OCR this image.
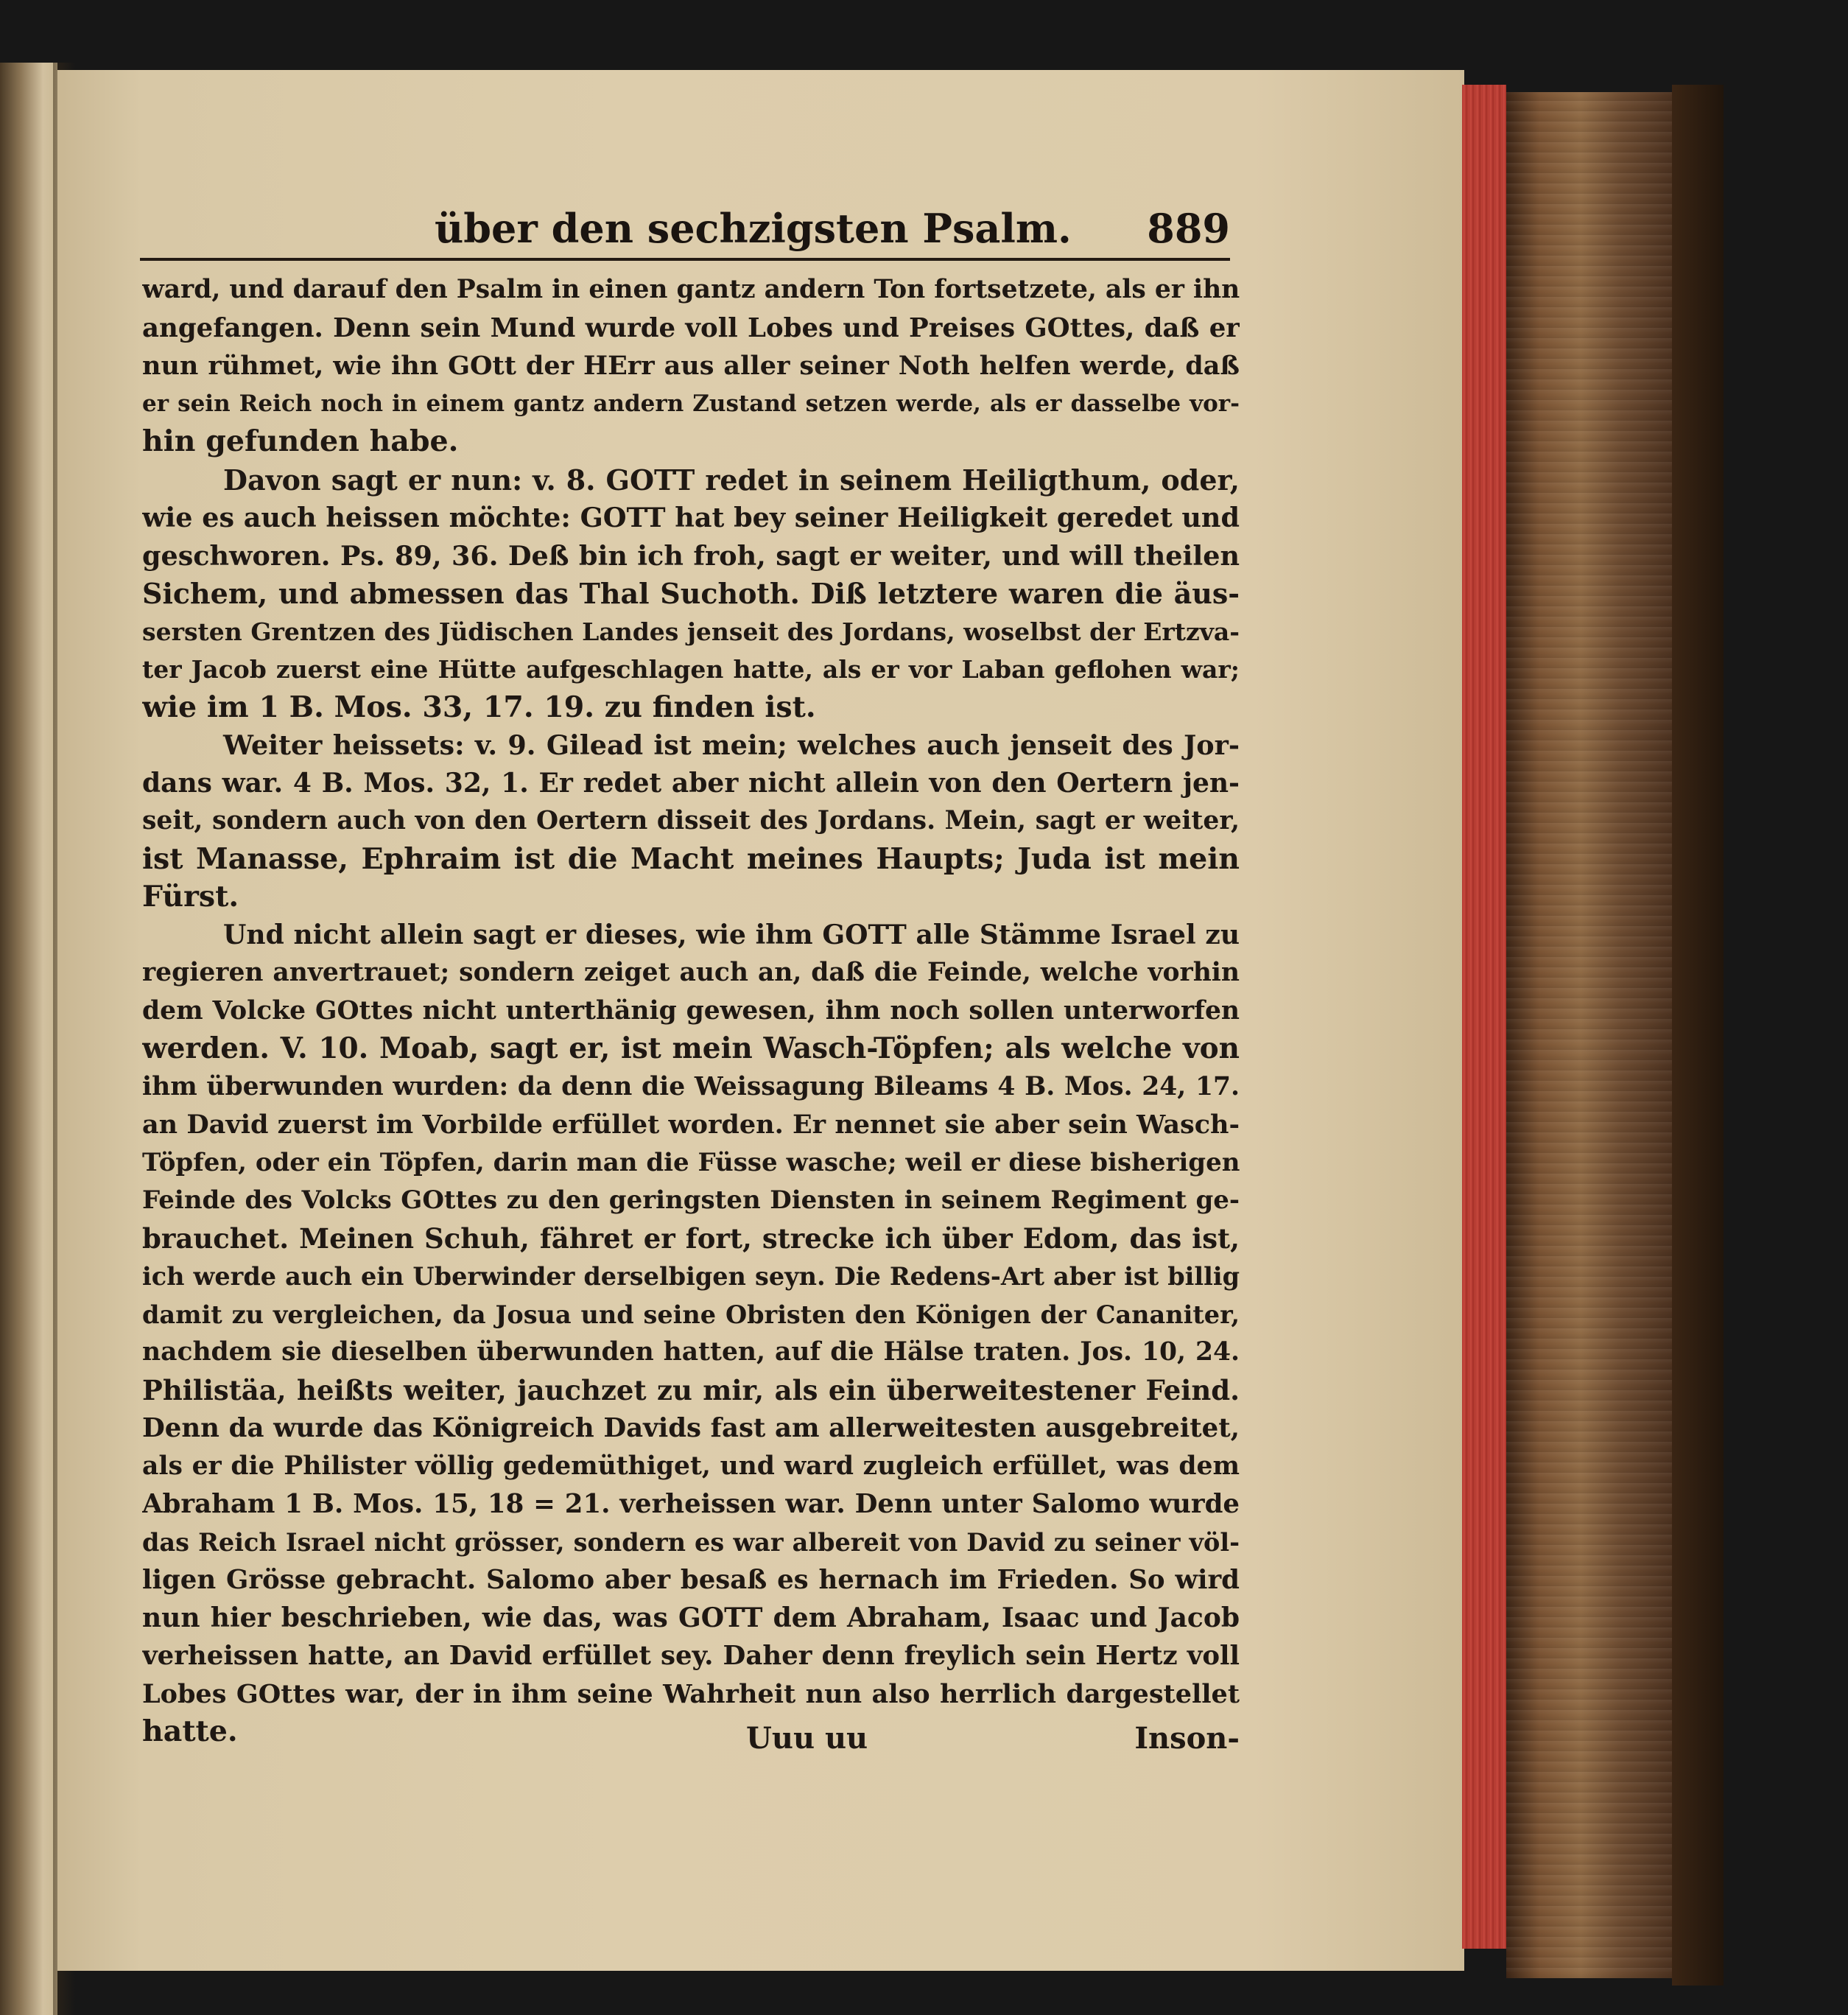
über den sechzigsten Psalm. 889
ward, und darauf den Psalm in einen gantz andern Ton fortsetzete, als er ihn
angefangen. Denn sein Mund wurde voll Lobes und Preises GOttes, daß er
nun rühmet, wie ihn GOtt der HErr aus aller seiner Noth helfen werde, daß
er sein Reich noch in einem gantz andern Zustand setzen werde, als er dasselbe vor-
hin gefunden habe.
Davon sagt er nun: v. 8. GOTT redet in seinem Heiligthum, oder,
wie es auch heissen möchte: GOTT hat bey seiner Heiligkeit geredet und
geschworen. Ps. 89, 36. Deß bin ich froh, sagt er weiter, und will theilen
Sichem, und abmessen das Thal Suchoth. Diß letztere waren die äus-
sersten Grentzen des Jüdischen Landes jenseit des Jordans, woselbst der Ertzva-
ter Jacob zuerst eine Hütte aufgeschlagen hatte, als er vor Laban geflohen war;
wie im 1 B. Mos. 33, 17. 19. zu finden ist.
Weiter heissets: v. 9. Gilead ist mein; welches auch jenseit des Jor-
dans war. 4 B. Mos. 32, 1. Er redet aber nicht allein von den Oertern jen-
seit, sondern auch von den Oertern disseit des Jordans. Mein, sagt er weiter,
ist Manasse, Ephraim ist die Macht meines Haupts; Juda ist mein
Fürst.
Und nicht allein sagt er dieses, wie ihm GOTT alle Stämme Israel zu
regieren anvertrauet; sondern zeiget auch an, daß die Feinde, welche vorhin
dem Volcke GOttes nicht unterthänig gewesen, ihm noch sollen unterworfen
werden. V. 10. Moab, sagt er, ist mein Wasch-Töpfen; als welche von
ihm überwunden wurden: da denn die Weissagung Bileams 4 B. Mos. 24, 17.
an David zuerst im Vorbilde erfüllet worden. Er nennet sie aber sein Wasch-
Töpfen, oder ein Töpfen, darin man die Füsse wasche; weil er diese bisherigen
Feinde des Volcks GOttes zu den geringsten Diensten in seinem Regiment ge-
brauchet. Meinen Schuh, fähret er fort, strecke ich über Edom, das ist,
ich werde auch ein Uberwinder derselbigen seyn. Die Redens-Art aber ist billig
damit zu vergleichen, da Josua und seine Obristen den Königen der Cananiter,
nachdem sie dieselben überwunden hatten, auf die Hälse traten. Jos. 10, 24.
Philistäa, heißts weiter, jauchzet zu mir, als ein überweitestener Feind.
Denn da wurde das Königreich Davids fast am allerweitesten ausgebreitet,
als er die Philister völlig gedemüthiget, und ward zugleich erfüllet, was dem
Abraham 1 B. Mos. 15, 18 = 21. verheissen war. Denn unter Salomo wurde
das Reich Israel nicht grösser, sondern es war albereit von David zu seiner völ-
ligen Grösse gebracht. Salomo aber besaß es hernach im Frieden. So wird
nun hier beschrieben, wie das, was GOTT dem Abraham, Isaac und Jacob
verheissen hatte, an David erfüllet sey. Daher denn freylich sein Hertz voll
Lobes GOttes war, der in ihm seine Wahrheit nun also herrlich dargestellet
hatte.	Uuu uu	Inson-
